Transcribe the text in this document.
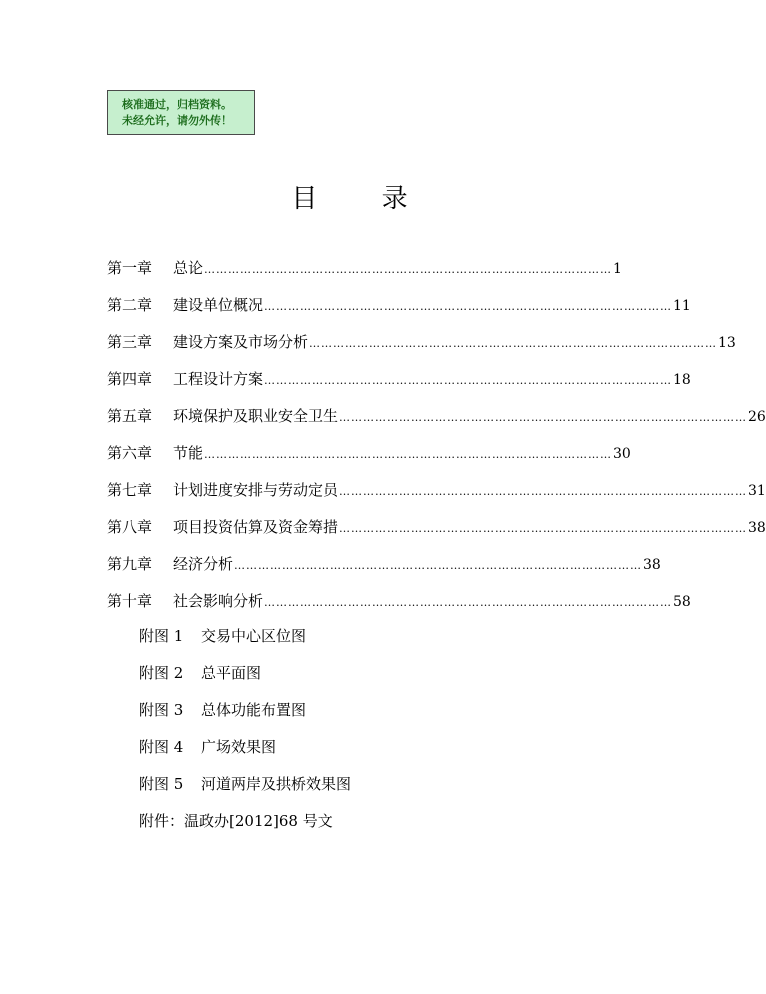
核准通过，归档资料。
未经允许，请勿外传！
目 录
第一章	总论 ………………………………………………………………………………………… 1
第二章	建设单位概况 ………………………………………………………………………………………… 11
第三章	建设方案及市场分析 ………………………………………………………………………………………… 13
第四章	工程设计方案 ………………………………………………………………………………………… 18
第五章	环境保护及职业安全卫生 ………………………………………………………………………………………… 26
第六章	节能 ………………………………………………………………………………………… 30
第七章	计划进度安排与劳动定员 ………………………………………………………………………………………… 31
第八章	项目投资估算及资金筹措 ………………………………………………………………………………………… 38
第九章	经济分析 ………………………………………………………………………………………… 38
第十章	社会影响分析 ………………………………………………………………………………………… 58
附图 1 交易中心区位图
附图 2 总平面图
附图 3 总体功能布置图
附图 4 广场效果图
附图 5 河道两岸及拱桥效果图
附件：温政办[2012]68 号文
